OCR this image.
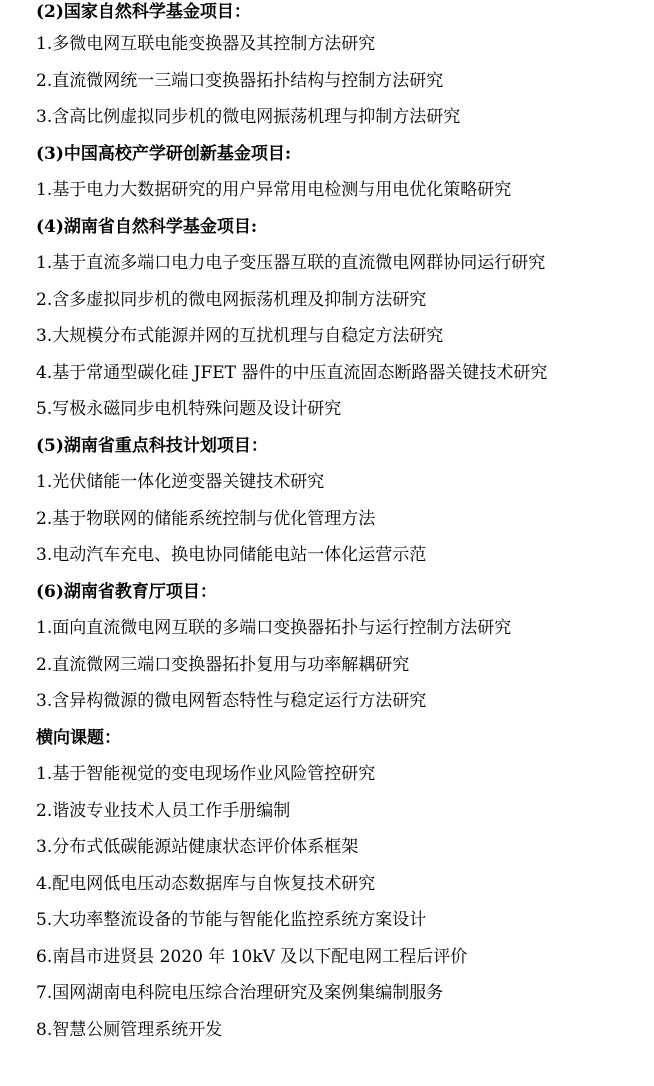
(2)国家自然科学基金项目：
1.多微电网互联电能变换器及其控制方法研究
2.直流微网统一三端口变换器拓扑结构与控制方法研究
3.含高比例虚拟同步机的微电网振荡机理与抑制方法研究
(3)中国高校产学研创新基金项目:
1.基于电力大数据研究的用户异常用电检测与用电优化策略研究
(4)湖南省自然科学基金项目:
1.基于直流多端口电力电子变压器互联的直流微电网群协同运行研究
2.含多虚拟同步机的微电网振荡机理及抑制方法研究
3.大规模分布式能源并网的互扰机理与自稳定方法研究
4.基于常通型碳化硅 JFET 器件的中压直流固态断路器关键技术研究
5.写极永磁同步电机特殊问题及设计研究
(5)湖南省重点科技计划项目：
1.光伏储能一体化逆变器关键技术研究
2.基于物联网的储能系统控制与优化管理方法
3.电动汽车充电、换电协同储能电站一体化运营示范
(6)湖南省教育厅项目：
1.面向直流微电网互联的多端口变换器拓扑与运行控制方法研究
2.直流微网三端口变换器拓扑复用与功率解耦研究
3.含异构微源的微电网暂态特性与稳定运行方法研究
横向课题：
1.基于智能视觉的变电现场作业风险管控研究
2.谐波专业技术人员工作手册编制
3.分布式低碳能源站健康状态评价体系框架
4.配电网低电压动态数据库与自恢复技术研究
5.大功率整流设备的节能与智能化监控系统方案设计
6.南昌市进贤县 2020 年 10kV 及以下配电网工程后评价
7.国网湖南电科院电压综合治理研究及案例集编制服务
8.智慧公厕管理系统开发
